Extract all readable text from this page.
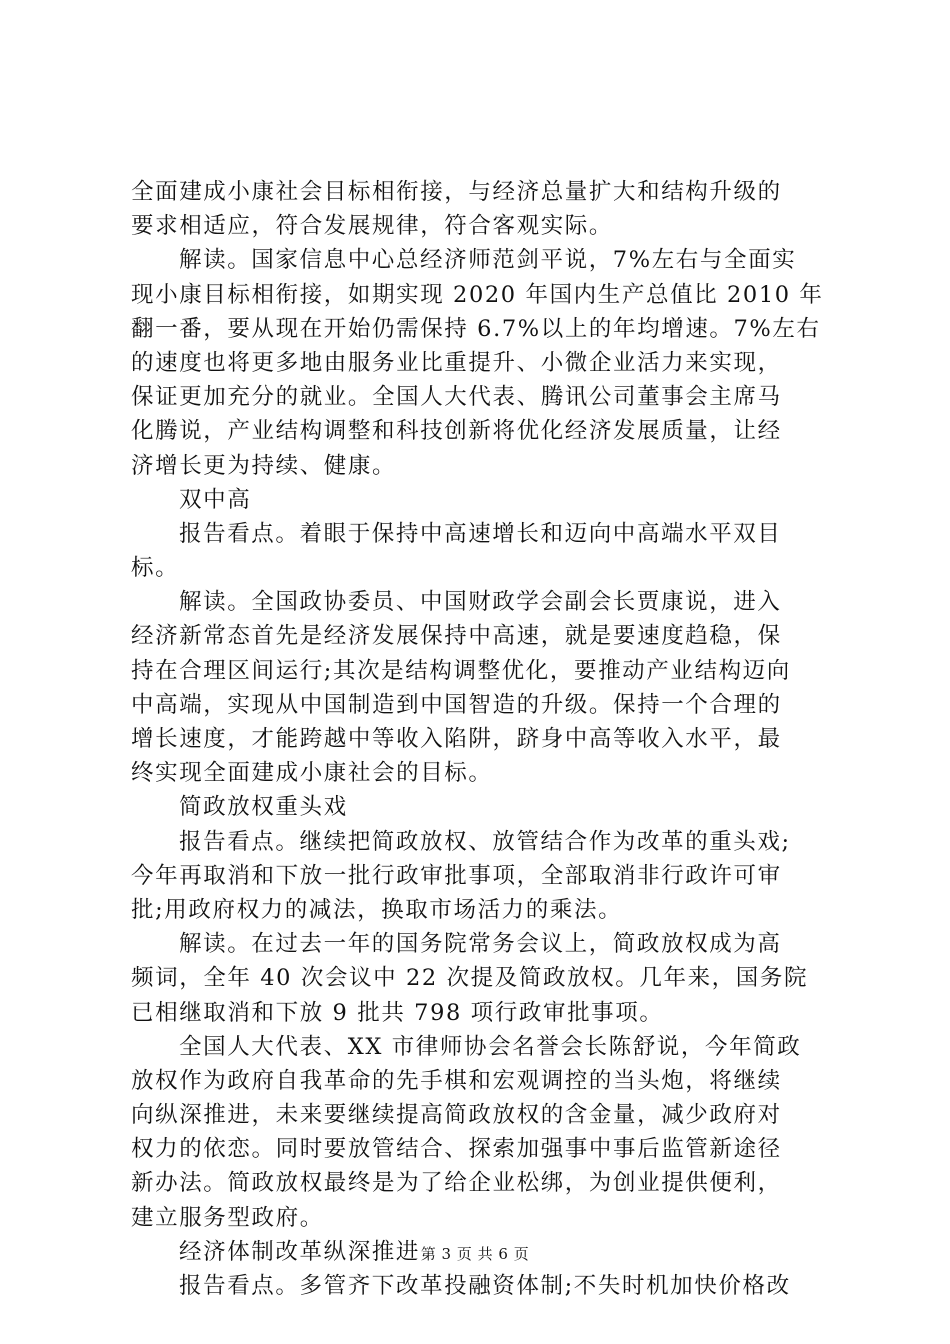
全面建成小康社会目标相衔接，与经济总量扩大和结构升级的
要求相适应，符合发展规律，符合客观实际。
解读。国家信息中心总经济师范剑平说，7%左右与全面实
现小康目标相衔接，如期实现 2020 年国内生产总值比 2010 年
翻一番，要从现在开始仍需保持 6.7%以上的年均增速。7%左右
的速度也将更多地由服务业比重提升、小微企业活力来实现，
保证更加充分的就业。全国人大代表、腾讯公司董事会主席马
化腾说，产业结构调整和科技创新将优化经济发展质量，让经
济增长更为持续、健康。
双中高
报告看点。着眼于保持中高速增长和迈向中高端水平双目
标。
解读。全国政协委员、中国财政学会副会长贾康说，进入
经济新常态首先是经济发展保持中高速，就是要速度趋稳，保
持在合理区间运行;其次是结构调整优化，要推动产业结构迈向
中高端，实现从中国制造到中国智造的升级。保持一个合理的
增长速度，才能跨越中等收入陷阱，跻身中高等收入水平，最
终实现全面建成小康社会的目标。
简政放权重头戏
报告看点。继续把简政放权、放管结合作为改革的重头戏;
今年再取消和下放一批行政审批事项，全部取消非行政许可审
批;用政府权力的减法，换取市场活力的乘法。
解读。在过去一年的国务院常务会议上，简政放权成为高
频词，全年 40 次会议中 22 次提及简政放权。几年来，国务院
已相继取消和下放 9 批共 798 项行政审批事项。
全国人大代表、XX 市律师协会名誉会长陈舒说，今年简政
放权作为政府自我革命的先手棋和宏观调控的当头炮，将继续
向纵深推进，未来要继续提高简政放权的含金量，减少政府对
权力的依恋。同时要放管结合、探索加强事中事后监管新途径
新办法。简政放权最终是为了给企业松绑，为创业提供便利，
建立服务型政府。
经济体制改革纵深推进
报告看点。多管齐下改革投融资体制;不失时机加快价格改
第 3 页 共 6 页
